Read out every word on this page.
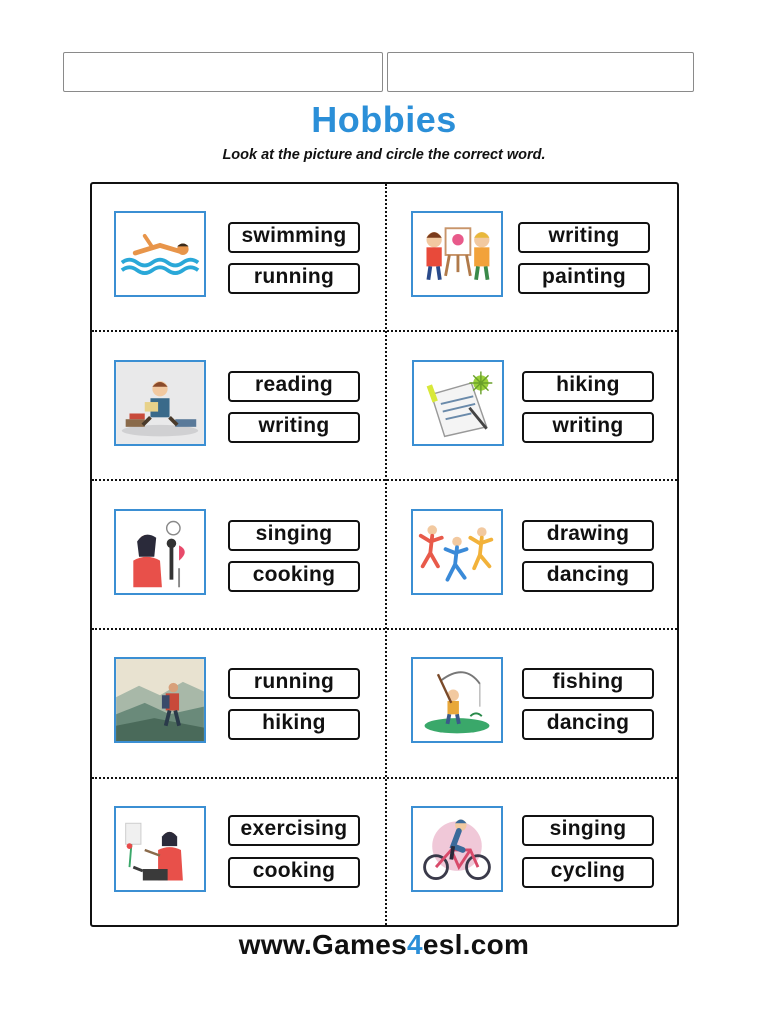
Hobbies
Look at the picture and circle the correct word.
swimming
running
writing
painting
reading
writing
hiking
writing
singing
cooking
drawing
dancing
running
hiking
fishing
dancing
exercising
cooking
singing
cycling
www.Games4esl.com
